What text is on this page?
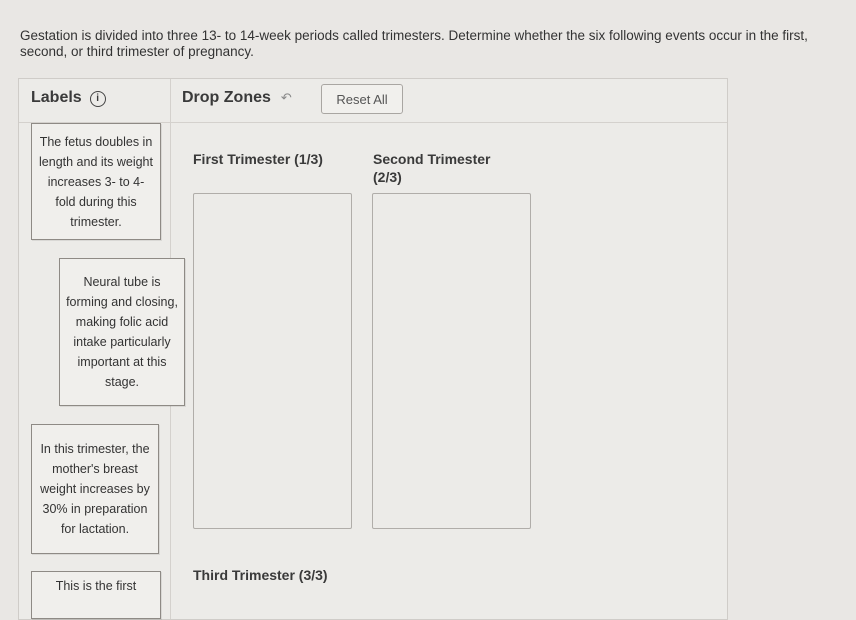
Gestation is divided into three 13- to 14-week periods called trimesters. Determine whether the six following events occur in the first, second, or third trimester of pregnancy.
Labels i	Drop Zones ↶	Reset All
The fetus doubles in length and its weight increases 3- to 4-fold during this trimester.
Neural tube is forming and closing, making folic acid intake particularly important at this stage.
In this trimester, the mother's breast weight increases by 30% in preparation for lactation.
This is the first
First Trimester (1/3)	Second Trimester (2/3)
Third Trimester (3/3)
